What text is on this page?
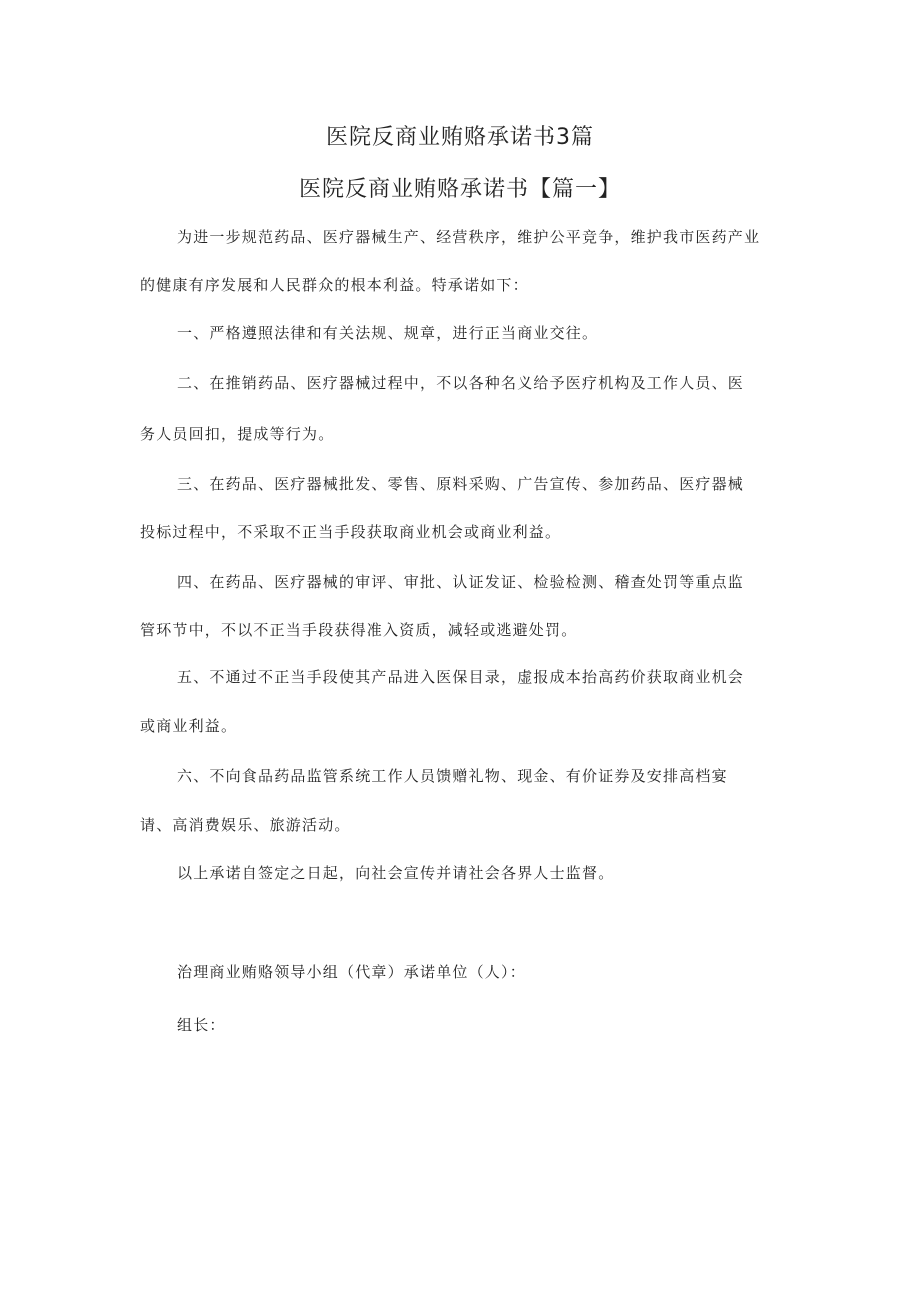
医院反商业贿赂承诺书3篇
医院反商业贿赂承诺书【篇一】
为进一步规范药品、医疗器械生产、经营秩序，维护公平竞争，维护我市医药产业
的健康有序发展和人民群众的根本利益。特承诺如下：
一、严格遵照法律和有关法规、规章，进行正当商业交往。
二、在推销药品、医疗器械过程中，不以各种名义给予医疗机构及工作人员、医
务人员回扣，提成等行为。
三、在药品、医疗器械批发、零售、原料采购、广告宣传、参加药品、医疗器械
投标过程中，不采取不正当手段获取商业机会或商业利益。
四、在药品、医疗器械的审评、审批、认证发证、检验检测、稽查处罚等重点监
管环节中，不以不正当手段获得准入资质，减轻或逃避处罚。
五、不通过不正当手段使其产品进入医保目录，虚报成本抬高药价获取商业机会
或商业利益。
六、不向食品药品监管系统工作人员馈赠礼物、现金、有价证券及安排高档宴
请、高消费娱乐、旅游活动。
以上承诺自签定之日起，向社会宣传并请社会各界人士监督。
治理商业贿赂领导小组（代章）承诺单位（人）：
组长：
